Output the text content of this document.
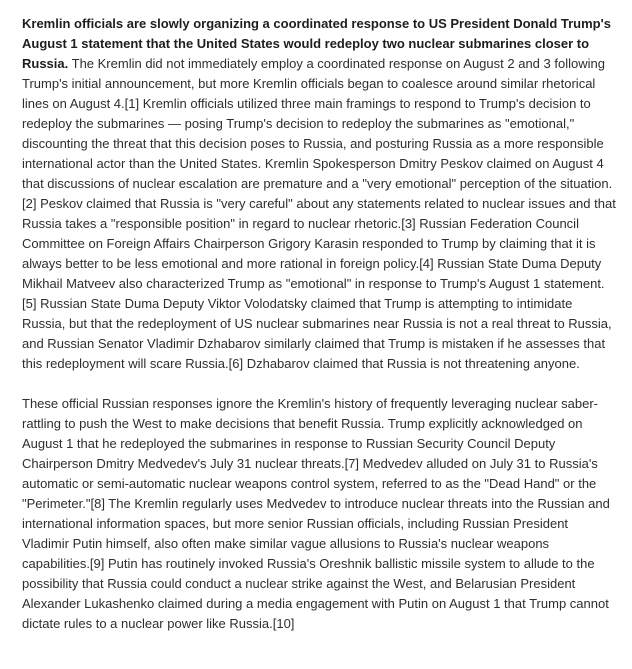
Kremlin officials are slowly organizing a coordinated response to US President Donald Trump's August 1 statement that the United States would redeploy two nuclear submarines closer to Russia. The Kremlin did not immediately employ a coordinated response on August 2 and 3 following Trump's initial announcement, but more Kremlin officials began to coalesce around similar rhetorical lines on August 4.[1] Kremlin officials utilized three main framings to respond to Trump's decision to redeploy the submarines — posing Trump's decision to redeploy the submarines as "emotional," discounting the threat that this decision poses to Russia, and posturing Russia as a more responsible international actor than the United States. Kremlin Spokesperson Dmitry Peskov claimed on August 4 that discussions of nuclear escalation are premature and a "very emotional" perception of the situation.[2] Peskov claimed that Russia is "very careful" about any statements related to nuclear issues and that Russia takes a "responsible position" in regard to nuclear rhetoric.[3] Russian Federation Council Committee on Foreign Affairs Chairperson Grigory Karasin responded to Trump by claiming that it is always better to be less emotional and more rational in foreign policy.[4] Russian State Duma Deputy Mikhail Matveev also characterized Trump as "emotional" in response to Trump's August 1 statement.[5] Russian State Duma Deputy Viktor Volodatsky claimed that Trump is attempting to intimidate Russia, but that the redeployment of US nuclear submarines near Russia is not a real threat to Russia, and Russian Senator Vladimir Dzhabarov similarly claimed that Trump is mistaken if he assesses that this redeployment will scare Russia.[6] Dzhabarov claimed that Russia is not threatening anyone.

These official Russian responses ignore the Kremlin's history of frequently leveraging nuclear saber-rattling to push the West to make decisions that benefit Russia. Trump explicitly acknowledged on August 1 that he redeployed the submarines in response to Russian Security Council Deputy Chairperson Dmitry Medvedev's July 31 nuclear threats.[7] Medvedev alluded on July 31 to Russia's automatic or semi-automatic nuclear weapons control system, referred to as the "Dead Hand" or the "Perimeter."[8] The Kremlin regularly uses Medvedev to introduce nuclear threats into the Russian and international information spaces, but more senior Russian officials, including Russian President Vladimir Putin himself, also often make similar vague allusions to Russia's nuclear weapons capabilities.[9] Putin has routinely invoked Russia's Oreshnik ballistic missile system to allude to the possibility that Russia could conduct a nuclear strike against the West, and Belarusian President Alexander Lukashenko claimed during a media engagement with Putin on August 1 that Trump cannot dictate rules to a nuclear power like Russia.[10]
